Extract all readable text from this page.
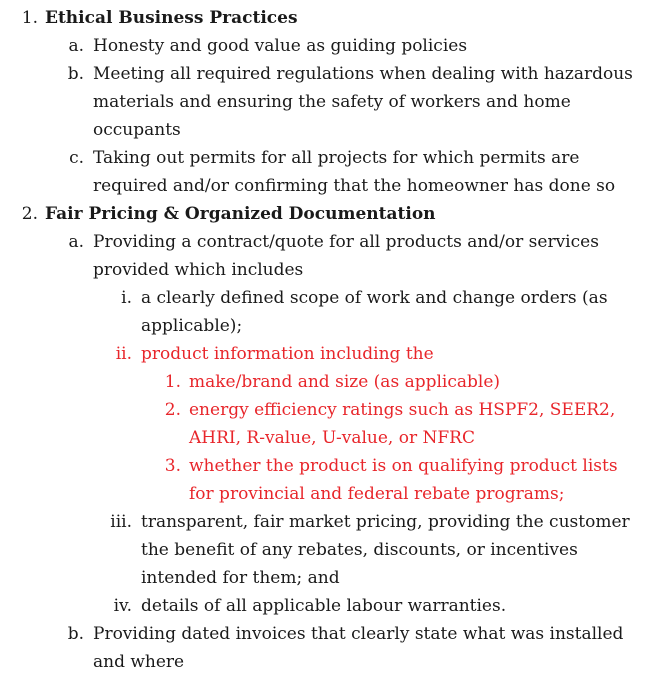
1. Ethical Business Practices
a. Honesty and good value as guiding policies
b. Meeting all required regulations when dealing with hazardous materials and ensuring the safety of workers and home occupants
c. Taking out permits for all projects for which permits are required and/or confirming that the homeowner has done so
2. Fair Pricing & Organized Documentation
a. Providing a contract/quote for all products and/or services provided which includes
i. a clearly defined scope of work and change orders (as applicable);
ii. product information including the
1. make/brand and size (as applicable)
2. energy efficiency ratings such as HSPF2, SEER2, AHRI, R-value, U-value, or NFRC
3. whether the product is on qualifying product lists for provincial and federal rebate programs;
iii. transparent, fair market pricing, providing the customer the benefit of any rebates, discounts, or incentives intended for them; and
iv. details of all applicable labour warranties.
b. Providing dated invoices that clearly state what was installed and where
